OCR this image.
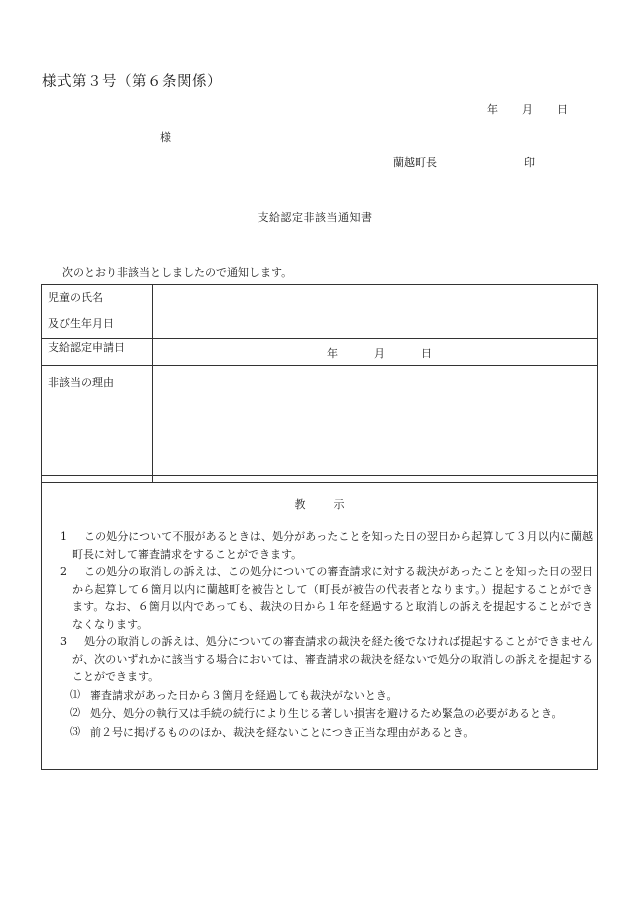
様式第３号（第６条関係）
年 月 日
様
蘭越町長	印
支給認定非該当通知書
次のとおり非該当としましたので通知します。
児童の氏名
及び生年月日	

支給認定申請日	年 月 日

非該当の理由	
教示
1	この処分について不服があるときは、処分があったことを知った日の翌日から起算して３月以内に蘭越町長に対して審査請求をすることができます。
2	この処分の取消しの訴えは、この処分についての審査請求に対する裁決があったことを知った日の翌日から起算して６箇月以内に蘭越町を被告として（町長が被告の代表者となります。）提起することができます。なお、６箇月以内であっても、裁決の日から１年を経過すると取消しの訴えを提起することができなくなります。
3	処分の取消しの訴えは、処分についての審査請求の裁決を経た後でなければ提起することができませんが、次のいずれかに該当する場合においては、審査請求の裁決を経ないで処分の取消しの訴えを提起することができます。
⑴ 審査請求があった日から３箇月を経過しても裁決がないとき。
⑵ 処分、処分の執行又は手続の続行により生じる著しい損害を避けるため緊急の必要があるとき。
⑶ 前２号に掲げるもののほか、裁決を経ないことにつき正当な理由があるとき。
